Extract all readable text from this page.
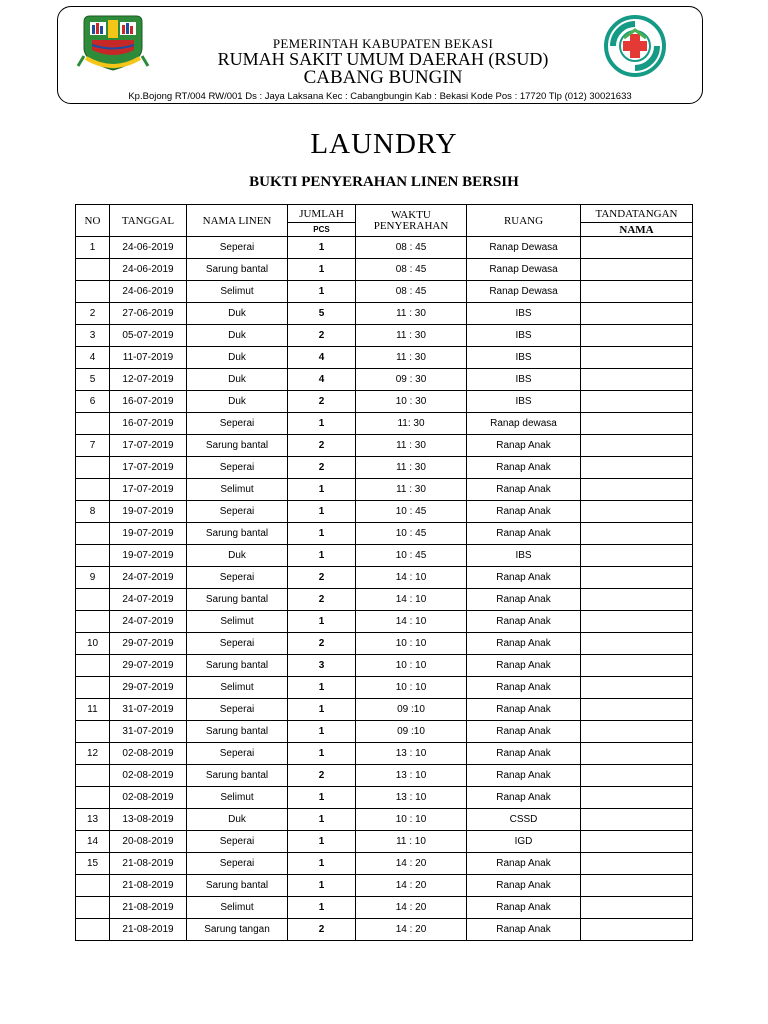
PEMERINTAH KABUPATEN BEKASI
RUMAH SAKIT UMUM DAERAH (RSUD)
CABANG BUNGIN
Kp.Bojong RT/004 RW/001 Ds : Jaya Laksana Kec : Cabangbungin Kab : Bekasi Kode Pos : 17720 Tlp (012) 30021633
LAUNDRY
BUKTI PENYERAHAN LINEN BERSIH
NO	TANGGAL	NAMA LINEN	JUMLAH	WAKTU PENYERAHAN	RUANG	TANDATANGAN
			PCS			NAMA
1	24-06-2019	Seperai	1	08 : 45	Ranap Dewasa	
	24-06-2019	Sarung bantal	1	08 : 45	Ranap Dewasa	
	24-06-2019	Selimut	1	08 : 45	Ranap Dewasa	
2	27-06-2019	Duk	5	11 : 30	IBS	
3	05-07-2019	Duk	2	11 : 30	IBS	
4	11-07-2019	Duk	4	11 : 30	IBS	
5	12-07-2019	Duk	4	09 : 30	IBS	
6	16-07-2019	Duk	2	10 : 30	IBS	
	16-07-2019	Seperai	1	11: 30	Ranap dewasa	
7	17-07-2019	Sarung bantal	2	11 : 30	Ranap Anak	
	17-07-2019	Seperai	2	11 : 30	Ranap Anak	
	17-07-2019	Selimut	1	11 : 30	Ranap Anak	
8	19-07-2019	Seperai	1	10 : 45	Ranap Anak	
	19-07-2019	Sarung bantal	1	10 : 45	Ranap Anak	
	19-07-2019	Duk	1	10 : 45	IBS	
9	24-07-2019	Seperai	2	14 : 10	Ranap Anak	
	24-07-2019	Sarung bantal	2	14 : 10	Ranap Anak	
	24-07-2019	Selimut	1	14 : 10	Ranap Anak	
10	29-07-2019	Seperai	2	10 : 10	Ranap Anak	
	29-07-2019	Sarung bantal	3	10 : 10	Ranap Anak	
	29-07-2019	Selimut	1	10 : 10	Ranap Anak	
11	31-07-2019	Seperai	1	09 :10	Ranap Anak	
	31-07-2019	Sarung bantal	1	09 :10	Ranap Anak	
12	02-08-2019	Seperai	1	13 : 10	Ranap Anak	
	02-08-2019	Sarung bantal	2	13 : 10	Ranap Anak	
	02-08-2019	Selimut	1	13 : 10	Ranap Anak	
13	13-08-2019	Duk	1	10 : 10	CSSD	
14	20-08-2019	Seperai	1	11 : 10	IGD	
15	21-08-2019	Seperai	1	14 : 20	Ranap Anak	
	21-08-2019	Sarung bantal	1	14 : 20	Ranap Anak	
	21-08-2019	Selimut	1	14 : 20	Ranap Anak	
	21-08-2019	Sarung tangan	2	14 : 20	Ranap Anak	
